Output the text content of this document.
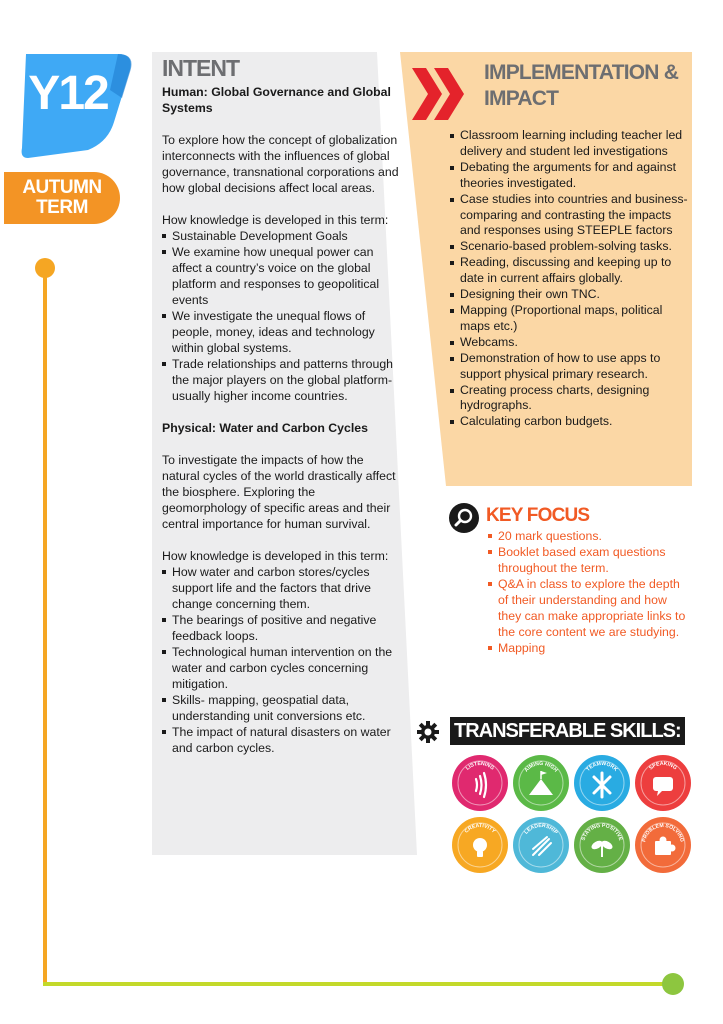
Y12
AUTUMN
TERM
INTENT
Human: Global Governance and Global Systems
To explore how the concept of globalization interconnects with the influences of global governance, transnational corporations and how global decisions affect local areas.
How knowledge is developed in this term:
Sustainable Development Goals
We examine how unequal power can affect a country’s voice on the global platform and responses to geopolitical events
We investigate the unequal flows of people, money, ideas and technology within global systems.
Trade relationships and patterns through the major players on the global platform- usually higher income countries.
Physical: Water and Carbon Cycles
To investigate the impacts of how the natural cycles of the world drastically affect the biosphere. Exploring the geomorphology of specific areas and their central importance for human survival.
How knowledge is developed in this term:
How water and carbon stores/cycles support life and the factors that drive change concerning them.
The bearings of positive and negative feedback loops.
Technological human intervention on the water and carbon cycles concerning mitigation.
Skills- mapping, geospatial data, understanding unit conversions etc.
The impact of natural disasters on water and carbon cycles.
IMPLEMENTATION &
IMPACT
Classroom learning including teacher led delivery and student led investigations
Debating the arguments for and against theories investigated.
Case studies into countries and business- comparing and contrasting the impacts and responses using STEEPLE factors
Scenario-based problem-solving tasks.
Reading, discussing and keeping up to date in current affairs globally.
Designing their own TNC.
Mapping (Proportional maps, political maps etc.)
Webcams.
Demonstration of how to use apps to support physical primary research.
Creating process charts, designing hydrographs.
Calculating carbon budgets.
KEY FOCUS
20 mark questions.
Booklet based exam questions throughout the term.
Q&A in class to explore the depth of their understanding and how they can make appropriate links to the core content we are studying.
Mapping
TRANSFERABLE SKILLS:
LISTENING	AIMING HIGH	TEAMWORK	SPEAKING
CREATIVITY	LEADERSHIP
STAYING POSITIVE	PROBLEM SOLVING
